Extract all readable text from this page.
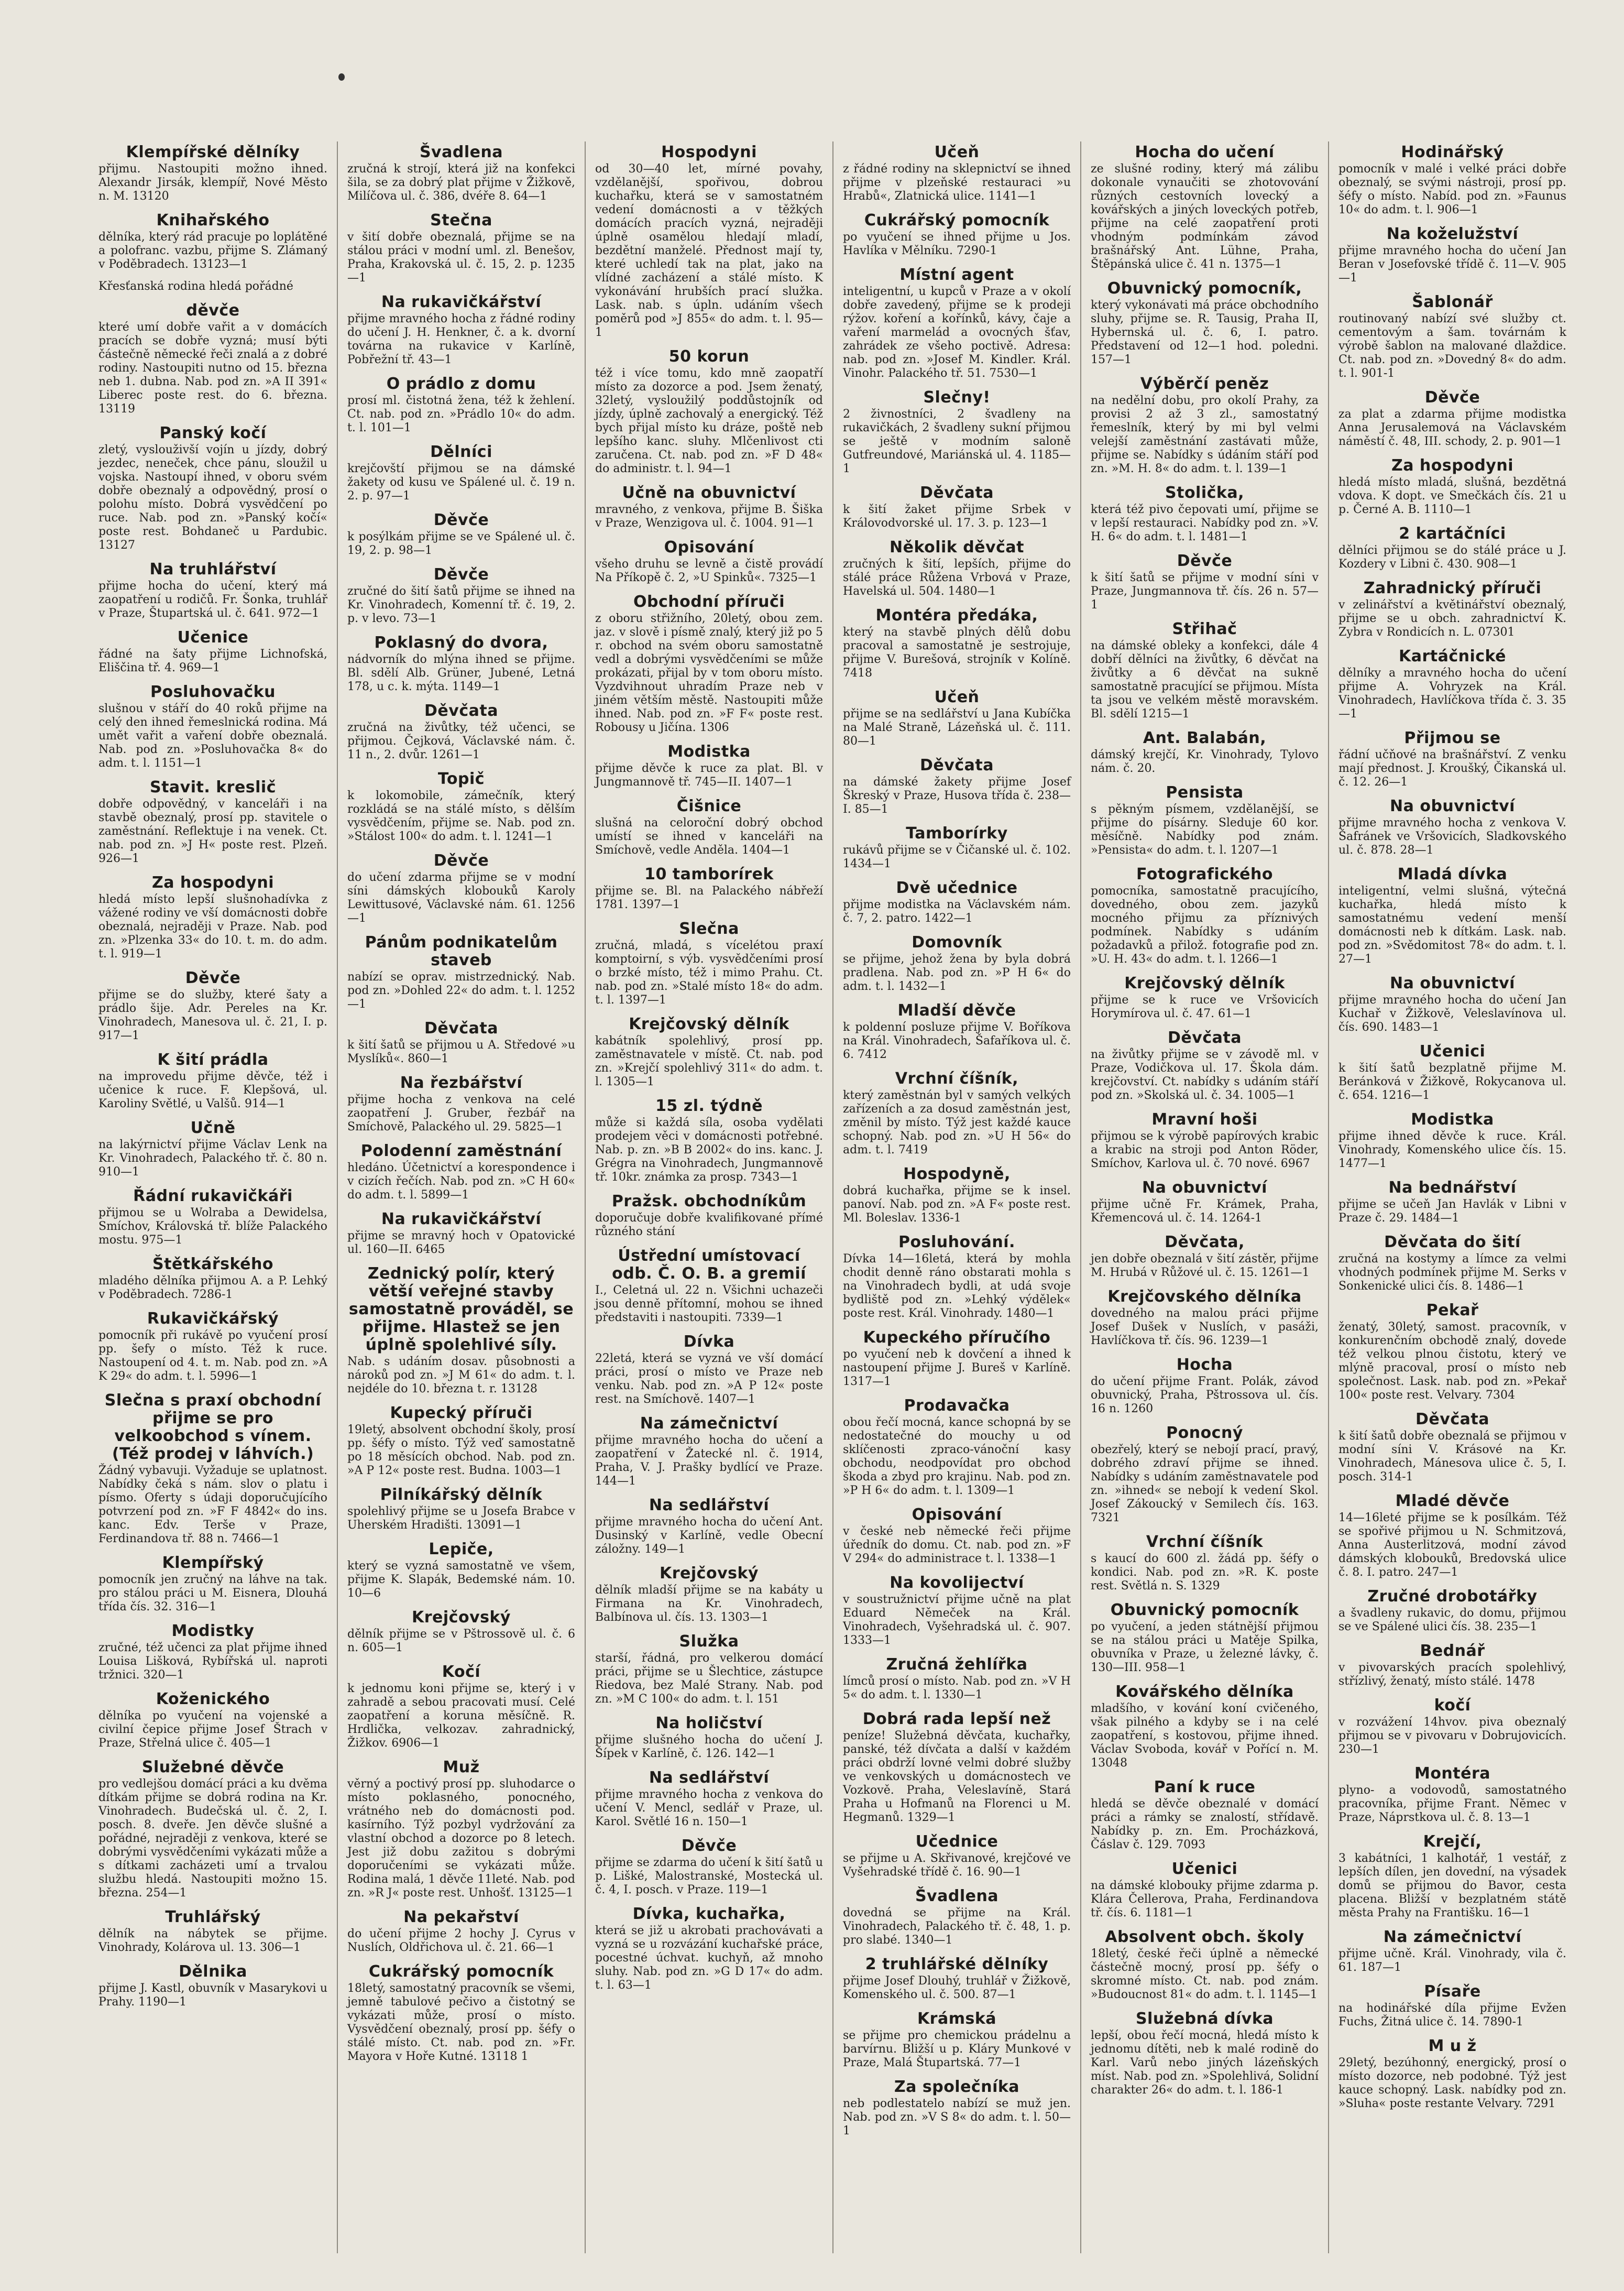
Klempířské dělníky
přijmu. Nastoupiti možno ihned. Alexandr Jirsák, klempíř, Nové Město n. M. 13120
Knihařského
dělníka, který rád pracuje po loplátěné a polofranc. vazbu, přijme S. Zlámaný v Poděbradech. 13123—1
Křesťanská rodina hledá pořádné
děvče
které umí dobře vařit a v domácích pracích se dobře vyzná; musí býti částečně německé řeči znalá a z dobré rodiny. Nastoupiti nutno od 15. března neb 1. dubna. Nab. pod zn. »A II 391« Liberec poste rest. do 6. března. 13119
Panský kočí
zletý, vyslouživší vojín u jízdy, dobrý jezdec, neneček, chce pánu, sloužil u vojska. Nastoupí ihned, v oboru svém dobře obeznalý a odpovědný, prosí o polohu místo. Dobrá vysvědčení po ruce. Nab. pod zn. »Panský kočí« poste rest. Bohdaneč u Pardubic. 13127
Na truhlářství
přijme hocha do učení, který má zaopatření u rodičů. Fr. Šonka, truhlář v Praze, Štupartská ul. č. 641. 972—1
Učenice
řádné na šaty přijme Lichnofská, Eliščina tř. 4. 969—1
Posluhovačku
slušnou v stáří do 40 roků přijme na celý den ihned řemeslnická rodina. Má umět vařit a vaření dobře obeznalá. Nab. pod zn. »Posluhovačka 8« do adm. t. l. 1151—1
Stavit. kreslič
dobře odpovědný, v kanceláři i na stavbě obeznalý, prosí pp. stavitele o zaměstnání. Reflektuje i na venek. Ct. nab. pod zn. »J H« poste rest. Plzeň. 926—1
Za hospodyni
hledá místo lepší slušnohadívka z vážené rodiny ve vší domácnosti dobře obeznalá, nejraději v Praze. Nab. pod zn. »Plzenka 33« do 10. t. m. do adm. t. l. 919—1
Děvče
přijme se do služby, které šaty a prádlo šije. Adr. Pereles na Kr. Vinohradech, Manesova ul. č. 21, I. p. 917—1
K šití prádla
na improvedu přijme děvče, též i učenice k ruce. F. Klepšová, ul. Karoliny Světlé, u Valšů. 914—1
Učně
na lakýrnictví přijme Václav Lenk na Kr. Vinohradech, Palackého tř. č. 80 n. 910—1
Řádní rukavičkáři
přijmou se u Wolraba a Dewidelsa, Smíchov, Královská tř. blíže Palackého mostu. 975—1
Štětkářského
mladého dělníka přijmou A. a P. Lehký v Poděbradech. 7286-1
Rukavičkářský
pomocník při rukávě po vyučení prosí pp. šefy o místo. Též k ruce. Nastoupení od 4. t. m. Nab. pod zn. »A K 29« do adm. t. l. 5996—1
Slečna s praxí obchodní přijme se pro velkoobchod s vínem. (Též prodej v láhvích.)
Žádný vybavuji. Vyžaduje se uplatnost. Nabídky čeká s nám. slov o platu i písmo. Oferty s údaji doporučujícího potvrzení pod zn. »F F 4842« do ins. kanc. Edv. Terše v Praze, Ferdinandova tř. 88 n. 7466—1
Klempířský
pomocník jen zručný na láhve na tak. pro stálou práci u M. Eisnera, Dlouhá třída čís. 32. 316—1
Modistky
zručné, též učenci za plat přijme ihned Louisa Lišková, Rybířská ul. naproti tržnici. 320—1
Koženického
dělníka po vyučení na vojenské a civilní čepice přijme Josef Štrach v Praze, Střelná ulice č. 405—1
Služebné děvče
pro vedlejšou domácí práci a ku dvěma dítkám přijme se dobrá rodina na Kr. Vinohradech. Budečská ul. č. 2, I. posch. 8. dveře. Jen děvče slušné a pořádné, nejraději z venkova, které se dobrými vysvědčeními vykázati může a s dítkami zacházeti umí a trvalou službu hledá. Nastoupiti možno 15. března. 254—1
Truhlářský
dělník na nábytek se přijme. Vinohrady, Kolárova ul. 13. 306—1
Dělnika
přijme J. Kastl, obuvník v Masarykovi u Prahy. 1190—1
Švadlena
zručná k strojí, která již na konfekci šila, se za dobrý plat přijme v Žižkově, Milíčova ul. č. 386, dvéře 8. 64—1
Stečna
v šití dobře obeznalá, přijme se na stálou práci v modní uml. zl. Benešov, Praha, Krakovská ul. č. 15, 2. p. 1235—1
Na rukavičkářství
přijme mravného hocha z řádné rodiny do učení J. H. Henkner, č. a k. dvorní továrna na rukavice v Karlíně, Pobřežní tř. 43—1
O prádlo z domu
prosí ml. čistotná žena, též k žehlení. Ct. nab. pod zn. »Prádlo 10« do adm. t. l. 101—1
Dělníci
krejčovští přijmou se na dámské žakety od kusu ve Spálené ul. č. 19 n. 2. p. 97—1
Děvče
k posýlkám přijme se ve Spálené ul. č. 19, 2. p. 98—1
Děvče
zručné do šití šatů přijme se ihned na Kr. Vinohradech, Komenní tř. č. 19, 2. p. v levo. 73—1
Poklasný do dvora,
nádvorník do mlýna ihned se přijme. Bl. sdělí Alb. Grüner, Jubené, Letná 178, u c. k. mýta. 1149—1
Děvčata
zručná na živůtky, též učenci, se přijmou. Čejková, Václavské nám. č. 11 n., 2. dvůr. 1261—1
Topič
k lokomobile, zámečník, který rozkládá se na stálé místo, s dělším vysvědčením, přijme se. Nab. pod zn. »Stálost 100« do adm. t. l. 1241—1
Děvče
do učení zdarma přijme se v modní síni dámských klobouků Karoly Lewittusové, Václavské nám. 61. 1256—1
Pánům podnikatelům staveb
nabízí se oprav. mistrzednický. Nab. pod zn. »Dohled 22« do adm. t. l. 1252—1
Děvčata
k šití šatů se přijmou u A. Středové »u Myslíků«. 860—1
Na řezbářství
přijme hocha z venkova na celé zaopatření J. Gruber, řezbář na Smíchově, Palackého ul. 29. 5825—1
Polodenní zaměstnání
hledáno. Účetnictví a korespondence i v cizích řečích. Nab. pod zn. »C H 60« do adm. t. l. 5899—1
Na rukavičkářství
přijme se mravný hoch v Opatovické ul. 160—II. 6465
Zednický polír, který větší veřejné stavby samostatně prováděl, se přijme. Hlastež se jen úplně spolehlivé síly.
Nab. s udáním dosav. působnosti a nároků pod zn. »J M 61« do adm. t. l. nejdéle do 10. března t. r. 13128
Kupecký příruči
19letý, absolvent obchodní školy, prosí pp. šéfy o místo. Týž veď samostatně po 18 měsících obchod. Nab. pod zn. »A P 12« poste rest. Budna. 1003—1
Pilníkářský dělník
spolehlivý přijme se u Josefa Brabce v Uherském Hradišti. 13091—1
Lepiče,
který se vyzná samostatně ve všem, přijme K. Slapák, Bedemské nám. 10. 10—6
Krejčovský
dělník přijme se v Pštrossově ul. č. 6 n. 605—1
Kočí
k jednomu koni přijme se, který i v zahradě a sebou pracovati musí. Celé zaopatření a koruna měsíčně. R. Hrdlička, velkozav. zahradnický, Žižkov. 6906—1
Muž
věrný a poctivý prosí pp. sluhodarce o místo poklasného, ponocného, vrátného neb do domácnosti pod. kasírního. Týž pozbyl vydržování za vlastní obchod a dozorce po 8 letech. Jest již dobu zažitou s dobrými doporučeními se vykázati může. Rodina malá, 1 děvče 11leté. Nab. pod zn. »R J« poste rest. Unhošť. 13125—1
Na pekařství
do učení přijme 2 hochy J. Cyrus v Nuslích, Oldřichova ul. č. 21. 66—1
Cukrářský pomocník
18letý, samostatný pracovník se všemi, jemně tabulové pečivo a čistotný se vykázati může, prosí o místo. Vysvědčení obeznalý, prosí pp. šéfy o stálé místo. Ct. nab. pod zn. »Fr. Mayora v Hoře Kutné. 13118 1
Hospodyni
od 30—40 let, mírné povahy, vzdělanější, spořivou, dobrou kuchařku, která se v samostatném vedení domácnosti a v těžkých domácích pracích vyzná, nejraději úplně osamělou hledají mladí, bezdětní manželé. Přednost mají ty, které uchledí tak na plat, jako na vlídné zacházení a stálé místo. K vykonávání hrubších prací služka. Lask. nab. s úpln. udáním všech poměrů pod »J 855« do adm. t. l. 95—1
50 korun
též i více tomu, kdo mně zaopatří místo za dozorce a pod. Jsem ženatý, 32letý, vysloužilý poddůstojník od jízdy, úplně zachovalý a energický. Též bych přijal místo ku dráze, poště neb lepšího kanc. sluhy. Mlčenlivost cti zaručena. Ct. nab. pod zn. »F D 48« do administr. t. l. 94—1
Učně na obuvnictví
mravného, z venkova, přijme B. Šiška v Praze, Wenzigova ul. č. 1004. 91—1
Opisování
všeho druhu se levně a čistě provádí Na Příkopě č. 2, »U Spinků«. 7325—1
Obchodní příruči
z oboru střižního, 20letý, obou zem. jaz. v slově i písmě znalý, který již po 5 r. obchod na svém oboru samostatně vedl a dobrými vysvědčeními se může prokázati, přijal by v tom oboru místo. Vyzdvihnout uhradím Praze neb v jiném větším městě. Nastoupiti může ihned. Nab. pod zn. »F F« poste rest. Robousy u Jičína. 1306
Modistka
přijme děvče k ruce za plat. Bl. v Jungmannově tř. 745—II. 1407—1
Čišnice
slušná na celoroční dobrý obchod umístí se ihned v kanceláři na Smíchově, vedle Anděla. 1404—1
10 tamborírek
přijme se. Bl. na Palackého nábřeží 1781. 1397—1
Slečna
zručná, mladá, s vícelétou praxí komptoirní, s výb. vysvědčeními prosí o brzké místo, též i mimo Prahu. Ct. nab. pod zn. »Stalé místo 18« do adm. t. l. 1397—1
Krejčovský dělník
kabátník spolehlivý, prosí pp. zaměstnavatele v místě. Ct. nab. pod zn. »Krejčí spolehlivý 311« do adm. t. l. 1305—1
15 zl. týdně
může si každá síla, osoba vydělati prodejem věci v domácnosti potřebné. Nab. p. zn. »B B 2002« do ins. kanc. J. Grégra na Vinohradech, Jungmannově tř. 10kr. známka za prosp. 7343—1
Pražsk. obchodníkům
doporučuje dobře kvalifikované přímé různého stání
Ústřední umístovací odb. Č. O. B. a gremií
I., Celetná ul. 22 n. Všichni uchazeči jsou denně přítomní, mohou se ihned představiti i nastoupiti. 7339—1
Dívka
22letá, která se vyzná ve vší domácí práci, prosí o místo ve Praze neb venku. Nab. pod zn. »A P 12« poste rest. na Smíchově. 1407—1
Na zámečnictví
přijme mravného hocha do učení a zaopatření v Žatecké nl. č. 1914, Praha, V. J. Prašky bydlící ve Praze. 144—1
Na sedlářství
přijme mravného hocha do učení Ant. Dusinský v Karlíně, vedle Obecní záložny. 149—1
Krejčovský
dělník mladší přijme se na kabáty u Firmana na Kr. Vinohradech, Balbínova ul. čís. 13. 1303—1
Služka
starší, řádná, pro velkerou domácí práci, přijme se u Šlechtice, zástupce Riedova, bez Malé Strany. Nab. pod zn. »M C 100« do adm. t. l. 151
Na holičství
přijme slušného hocha do učení J. Šípek v Karlíně, č. 126. 142—1
Na sedlářství
přijme mravného hocha z venkova do učení V. Mencl, sedlář v Praze, ul. Karol. Světlé 16 n. 150—1
Děvče
přijme se zdarma do učení k šití šatů u p. Lišké, Malostranské, Mostecká ul. č. 4, I. posch. v Praze. 119—1
Dívka, kuchařka,
která se již u akrobati prachovávati a vyzná se u rozvázání kuchařské práce, pocestné úchvat. kuchyň, až mnoho sluhy. Nab. pod zn. »G D 17« do adm. t. l. 63—1
Učeň
z řádné rodiny na sklepnictví se ihned přijme v plzeňské restauraci »u Hrabů«, Zlatnická ulice. 1141—1
Cukrářský pomocník
po vyučení se ihned přijme u Jos. Havlíka v Mělníku. 7290-1
Místní agent
inteligentní, u kupců v Praze a v okolí dobře zavedený, přijme se k prodeji rýžov. koření a kořínků, kávy, čaje a vaření marmelád a ovocných šťav, zahrádek ze všeho poctivě. Adresa: nab. pod zn. »Josef M. Kindler. Král. Vinohr. Palackého tř. 51. 7530—1
Slečny!
2 živnostníci, 2 švadleny na rukavičkách, 2 švadleny sukní přijmou se ještě v modním saloně Gutfreundové, Mariánská ul. 4. 1185—1
Děvčata
k šití žaket přijme Srbek v Královodvorské ul. 17. 3. p. 123—1
Několik děvčat
zručných k šití, lepších, přijme do stálé práce Růžena Vrbová v Praze, Havelská ul. 504. 1480—1
Montéra předáka,
který na stavbě plných dělů dobu pracoval a samostatně je sestrojuje, přijme V. Burešová, strojník v Kolíně. 7418
Učeň
přijme se na sedlářství u Jana Kubíčka na Malé Straně, Lázeňská ul. č. 111. 80—1
Děvčata
na dámské žakety přijme Josef Škreský v Praze, Husova třída č. 238—I. 85—1
Tamborírky
rukávů přijme se v Čičanské ul. č. 102. 1434—1
Dvě učednice
přijme modistka na Václavském nám. č. 7, 2. patro. 1422—1
Domovník
se přijme, jehož žena by byla dobrá pradlena. Nab. pod zn. »P H 6« do adm. t. l. 1432—1
Mladší děvče
k poldenní posluze přijme V. Boříkova na Král. Vinohradech, Šafaříkova ul. č. 6. 7412
Vrchní číšník,
který zaměstnán byl v samých velkých zařízeních a za dosud zaměstnán jest, změnil by místo. Týž jest každé kauce schopný. Nab. pod zn. »U H 56« do adm. t. l. 7419
Hospodyně,
dobrá kuchařka, přijme se k insel. panoví. Nab. pod zn. »A F« poste rest. Ml. Boleslav. 1336-1
Posluhování.
Dívka 14—16letá, která by mohla chodit denně ráno obstarati mohla s na Vinohradech bydli, at udá svoje bydliště pod zn. »Lehký výdělek« poste rest. Král. Vinohrady. 1480—1
Kupeckého příručího
po vyučení neb k dovčení a ihned k nastoupení přijme J. Bureš v Karlíně. 1317—1
Prodavačka
obou řečí mocná, kance schopná by se nedostatečné do mouchy u od sklíčenosti zpraco-vánoční kasy obchodu, neodpovídat pro obchod škoda a zbyd pro krajinu. Nab. pod zn. »P H 6« do adm. t. l. 1309—1
Opisování
v české neb německé řeči přijme úředník do domu. Ct. nab. pod zn. »F V 294« do administrace t. l. 1338—1
Na kovolijectví
v soustružnictví přijme učně na plat Eduard Němeček na Král. Vinohradech, Vyšehradská ul. č. 907. 1333—1
Zručná žehlířka
límců prosí o místo. Nab. pod zn. »V H 5« do adm. t. l. 1330—1
Dobrá rada lepší než
peníze! Služebná děvčata, kuchařky, panské, též dívčata a další v každém práci obdrží lovné velmi dobré služby ve venkovských u domácnostech ve Vozkově. Praha, Veleslavíně, Stará Praha u Hofmanů na Florenci u M. Hegmanů. 1329—1
Učednice
se přijme u A. Skřivanové, krejčové ve Vyšehradské třídě č. 16. 90—1
Švadlena
dovedná se přijme na Král. Vinohradech, Palackého tř. č. 48, 1. p. pro slabé. 1340—1
2 truhlářské dělníky
přijme Josef Dlouhý, truhlář v Žižkově, Komenského ul. č. 500. 87—1
Krámská
se přijme pro chemickou prádelnu a barvírnu. Bližší u p. Kláry Munkové v Praze, Malá Štupartská. 77—1
Za společníka
neb podlestatelo nabízí se muž jen. Nab. pod zn. »V S 8« do adm. t. l. 50—1
Hocha do učení
ze slušné rodiny, který má zálibu dokonale vynaučiti se zhotovování různých cestovních lovecký a kovářských a jiných loveckých potřeb, přijme na celé zaopatření proti vhodným podmínkám závod brašnářský Ant. Lühne, Praha, Štěpánská ulice č. 41 n. 1375—1
Obuvnický pomocník,
který vykonávati má práce obchodního sluhy, přijme se. R. Tausig, Praha II, Hybernská ul. č. 6, I. patro. Představení od 12—1 hod. poledni. 157—1
Výběrčí peněz
na nedělní dobu, pro okolí Prahy, za provisi 2 až 3 zl., samostatný řemeslník, který by mi byl velmi velejší zaměstnání zastávati může, přijme se. Nabídky s údáním stáří pod zn. »M. H. 8« do adm. t. l. 139—1
Stolička,
která též pivo čepovati umí, přijme se v lepší restauraci. Nabídky pod zn. »V. H. 6« do adm. t. l. 1481—1
Děvče
k šití šatů se přijme v modní síni v Praze, Jungmannova tř. čís. 26 n. 57—1
Střihač
na dámské obleky a konfekci, dále 4 dobří dělníci na živůtky, 6 děvčat na živůtky a 6 děvčat na sukně samostatně pracující se přijmou. Místa ta jsou ve velkém městě moravském. Bl. sdělí 1215—1
Ant. Balabán,
dámský krejčí, Kr. Vinohrady, Tylovo nám. č. 20.
Pensista
s pěkným písmem, vzdělanější, se přijme do písárny. Sleduje 60 kor. měsíčně. Nabídky pod znám. »Pensista« do adm. t. l. 1207—1
Fotografického
pomocníka, samostatně pracujícího, dovedného, obou zem. jazyků mocného přijmu za příznivých podmínek. Nabídky s udáním požadavků a přilož. fotografie pod zn. »U. H. 43« do adm. t. l. 1266—1
Krejčovský dělník
přijme se k ruce ve Vršovicích Horymírova ul. č. 47. 61—1
Děvčata
na živůtky přijme se v závodě ml. v Praze, Vodičkova ul. 17. Škola dám. krejčovství. Ct. nabídky s udáním stáří pod zn. »Skolská ul. č. 34. 1005—1
Mravní hoši
přijmou se k výrobě papírových krabic a krabic na stroji pod Anton Röder, Smíchov, Karlova ul. č. 70 nové. 6967
Na obuvnictví
přijme učně Fr. Krámek, Praha, Křemencová ul. č. 14. 1264-1
Děvčata,
jen dobře obeznalá v šití zástěr, přijme M. Hrubá v Růžové ul. č. 15. 1261—1
Krejčovského dělníka
dovedného na malou práci přijme Josef Dušek v Nuslích, v pasáži, Havlíčkova tř. čís. 96. 1239—1
Hocha
do učení přijme Frant. Polák, závod obuvnický, Praha, Pštrossova ul. čís. 16 n. 1260
Ponocný
obezřelý, který se nebojí prací, pravý, dobrého zdraví přijme se ihned. Nabídky s udáním zaměstnavatele pod zn. »ihned« se nebojí k vedení Skol. Josef Zákoucký v Semilech čís. 163. 7321
Vrchní číšník
s kaucí do 600 zl. žádá pp. šéfy o kondici. Nab. pod zn. »R. K. poste rest. Světlá n. S. 1329
Obuvnický pomocník
po vyučení, a jeden státnější přijmou se na stálou práci u Matěje Spilka, obuvníka v Praze, u železné lávky, č. 130—III. 958—1
Kovářského dělníka
mladšího, v kování koní cvičeného, však pilného a kdyby se i na celé zaopatření, s kostovou, přijme ihned. Václav Svoboda, kovář v Pořící n. M. 13048
Paní k ruce
hledá se děvče obeznalé v domácí práci a rámky se znalostí, střídavě. Nabídky p. zn. Em. Procházková, Čáslav č. 129. 7093
Učenici
na dámské klobouky přijme zdarma p. Klára Čellerova, Praha, Ferdinandova tř. čís. 6. 1181—1
Absolvent obch. školy
18letý, české řeči úplně a německé částečně mocný, prosí pp. šéfy o skromné místo. Ct. nab. pod znám. »Budoucnost 81« do adm. t. l. 1145—1
Služebná dívka
lepší, obou řečí mocná, hledá místo k jednomu dítěti, neb k malé rodině do Karl. Varů nebo jiných lázeňských míst. Nab. pod zn. »Spolehlivá, Solidní charakter 26« do adm. t. l. 186-1
Hodinářský
pomocník v malé i velké práci dobře obeznalý, se svými nástroji, prosí pp. šéfy o místo. Nabíd. pod zn. »Faunus 10« do adm. t. l. 906—1
Na koželužství
přijme mravného hocha do učení Jan Beran v Josefovské třídě č. 11—V. 905—1
Šablonář
routinovaný nabízí své služby ct. cementovým a šam. továrnám k výrobě šablon na malované dlaždice. Ct. nab. pod zn. »Dovedný 8« do adm. t. l. 901-1
Děvče
za plat a zdarma přijme modistka Anna Jerusalemová na Václavském náměstí č. 48, III. schody, 2. p. 901—1
Za hospodyni
hledá místo mladá, slušná, bezdětná vdova. K dopt. ve Smečkách čís. 21 u p. Černé A. B. 1110—1
2 kartáčníci
dělníci přijmou se do stálé práce u J. Kozdery v Libni č. 430. 908—1
Zahradnický příruči
v zelinářství a květinářství obeznalý, přijme se u obch. zahradnictví K. Zybra v Rondicích n. L. 07301
Kartáčnické
dělníky a mravného hocha do učení přijme A. Vohryzek na Král. Vinohradech, Havlíčkova třída č. 3. 35—1
Přijmou se
řádní učňové na brašnářství. Z venku mají přednost. J. Kroušký, Čikanská ul. č. 12. 26—1
Na obuvnictví
přijme mravného hocha z venkova V. Šafránek ve Vršovicích, Sladkovského ul. č. 878. 28—1
Mladá dívka
inteligentní, velmi slušná, výtečná kuchařka, hledá místo k samostatnému vedení menší domácnosti neb k dítkám. Lask. nab. pod zn. »Svědomitost 78« do adm. t. l. 27—1
Na obuvnictví
přijme mravného hocha do učení Jan Kuchař v Žižkově, Veleslavínova ul. čís. 690. 1483—1
Učenici
k šití šatů bezplatně přijme M. Beránková v Žižkově, Rokycanova ul. č. 654. 1216—1
Modistka
přijme ihned děvče k ruce. Král. Vinohrady, Komenského ulice čís. 15. 1477—1
Na bednářství
přijme se učeň Jan Havlák v Libni v Praze č. 29. 1484—1
Děvčata do šití
zručná na kostymy a límce za velmi vhodných podmínek přijme M. Serks v Sonkenické ulici čís. 8. 1486—1
Pekař
ženatý, 30letý, samost. pracovník, v konkurenčním obchodě znalý, dovede též velkou plnou čistotu, který ve mlýně pracoval, prosí o místo neb společnost. Lask. nab. pod zn. »Pekař 100« poste rest. Velvary. 7304
Děvčata
k šití šatů dobře obeznalá se přijmou v modní síni V. Krásové na Kr. Vinohradech, Mánesova ulice č. 5, I. posch. 314-1
Mladé děvče
14—16leté přijme se k posílkám. Též se spořivé přijmou u N. Schmitzová, Anna Austerlitzová, modní závod dámských klobouků, Bredovská ulice č. 8. I. patro. 247—1
Zručné drobotářky
a švadleny rukavic, do domu, přijmou se ve Spálené ulici čís. 38. 235—1
Bednář
v pivovarských pracích spolehlivý, střízlivý, ženatý, místo stálé. 1478
kočí
v rozvážení 14hvov. piva obeznalý přijmou se v pivovaru v Dobrujovicích. 230—1
Montéra
plyno- a vodovodů, samostatného pracovníka, přijme Frant. Němec v Praze, Náprstkova ul. č. 8. 13—1
Krejčí,
3 kabátníci, 1 kalhotář, 1 vestář, z lepších dílen, jen dovední, na výsadek domů se přijmou do Bavor, cesta placena. Bližší v bezplatném státě města Prahy na Františku. 16—1
Na zámečnictví
přijme učně. Král. Vinohrady, vila č. 61. 187—1
Písaře
na hodinářské díla přijme Evžen Fuchs, Žitná ulice č. 14. 7890-1
M u ž
29letý, bezúhonný, energický, prosí o místo dozorce, neb podobné. Týž jest kauce schopný. Lask. nabídky pod zn. »Sluha« poste restante Velvary. 7291
